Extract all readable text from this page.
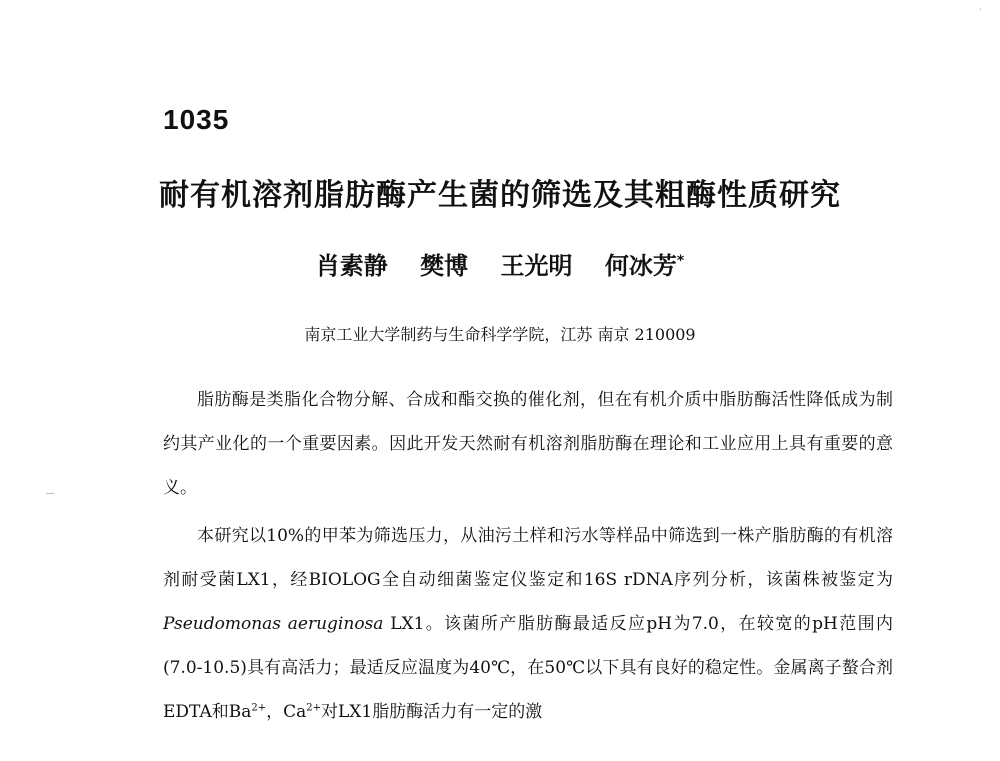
1035
耐有机溶剂脂肪酶产生菌的筛选及其粗酶性质研究
肖素静 樊博 王光明 何冰芳*
南京工业大学制药与生命科学学院，江苏 南京 210009

脂肪酶是类脂化合物分解、合成和酯交换的催化剂，但在有机介质中脂肪酶活性降低成为制约其产业化的一个重要因素。因此开发天然耐有机溶剂脂肪酶在理论和工业应用上具有重要的意义。

本研究以10%的甲苯为筛选压力，从油污土样和污水等样品中筛选到一株产脂肪酶的有机溶剂耐受菌LX1，经BIOLOG全自动细菌鉴定仪鉴定和16S rDNA序列分析，该菌株被鉴定为Pseudomonas aeruginosa LX1。该菌所产脂肪酶最适反应pH为7.0，在较宽的pH范围内(7.0-10.5)具有高活力；最适反应温度为40℃，在50℃以下具有良好的稳定性。金属离子螯合剂EDTA和$Ba^{2+}$，$Ca^{2+}$对LX1脂肪酶活力有一定的激
